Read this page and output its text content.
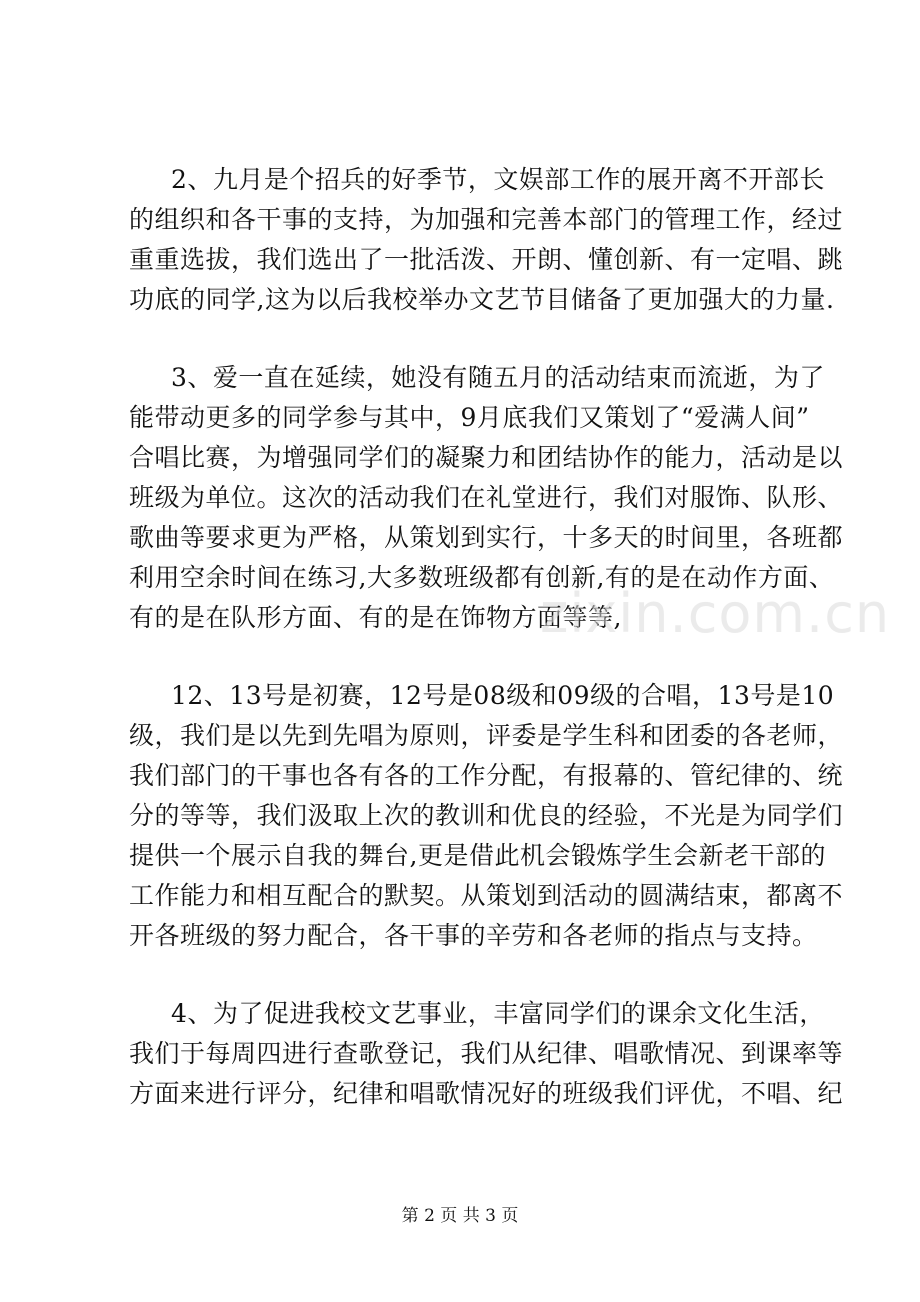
2、九月是个招兵的好季节，文娱部工作的展开离不开部长
的组织和各干事的支持，为加强和完善本部门的管理工作，经过
重重选拔，我们选出了一批活泼、开朗、懂创新、有一定唱、跳
功底的同学,这为以后我校举办文艺节目储备了更加强大的力量.
3、爱一直在延续，她没有随五月的活动结束而流逝，为了
能带动更多的同学参与其中，9月底我们又策划了“爱满人间”
合唱比赛，为增强同学们的凝聚力和团结协作的能力，活动是以
班级为单位。这次的活动我们在礼堂进行，我们对服饰、队形、
歌曲等要求更为严格，从策划到实行，十多天的时间里，各班都
利用空余时间在练习,大多数班级都有创新,有的是在动作方面、
有的是在队形方面、有的是在饰物方面等等,
12、13号是初赛，12号是08级和09级的合唱，13号是10
级，我们是以先到先唱为原则，评委是学生科和团委的各老师，
我们部门的干事也各有各的工作分配，有报幕的、管纪律的、统
分的等等，我们汲取上次的教训和优良的经验，不光是为同学们
提供一个展示自我的舞台,更是借此机会锻炼学生会新老干部的
工作能力和相互配合的默契。从策划到活动的圆满结束，都离不
开各班级的努力配合，各干事的辛劳和各老师的指点与支持。
4、为了促进我校文艺事业，丰富同学们的课余文化生活，
我们于每周四进行查歌登记，我们从纪律、唱歌情况、到课率等
方面来进行评分，纪律和唱歌情况好的班级我们评优，不唱、纪
zixin.com.cn
第 2 页 共 3 页
